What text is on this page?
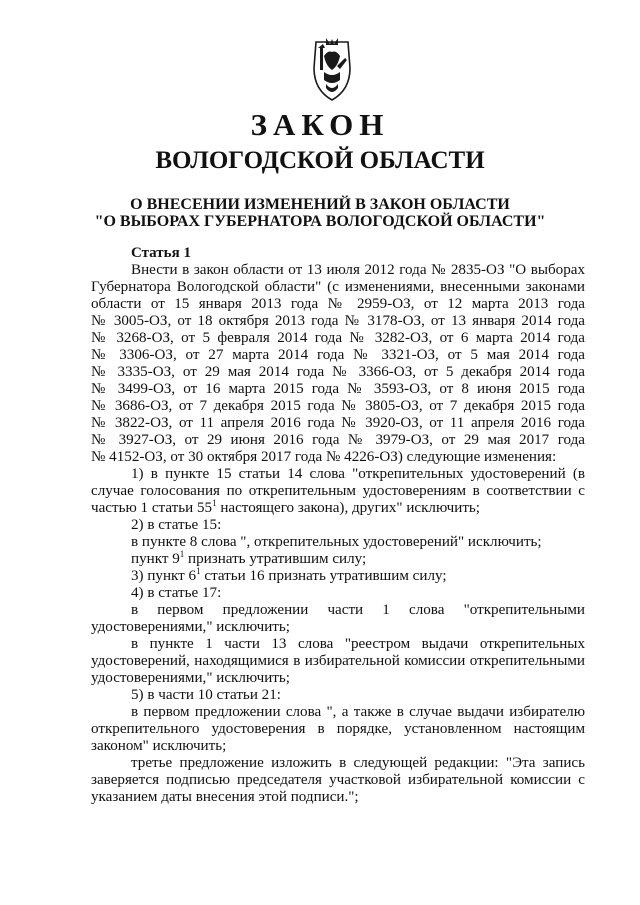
ЗАКОН
ВОЛОГОДСКОЙ ОБЛАСТИ
О ВНЕСЕНИИ ИЗМЕНЕНИЙ В ЗАКОН ОБЛАСТИ
"О ВЫБОРАХ ГУБЕРНАТОРА ВОЛОГОДСКОЙ ОБЛАСТИ"
Статья 1

Внести в закон области от 13 июля 2012 года № 2835-ОЗ "О выборах

Губернатора Вологодской области" (с изменениями, внесенными законами

области от 15 января 2013 года № 2959-ОЗ, от 12 марта 2013 года

№ 3005-ОЗ, от 18 октября 2013 года № 3178-ОЗ, от 13 января 2014 года

№ 3268-ОЗ, от 5 февраля 2014 года № 3282-ОЗ, от 6 марта 2014 года

№ 3306-ОЗ, от 27 марта 2014 года № 3321-ОЗ, от 5 мая 2014 года

№ 3335-ОЗ, от 29 мая 2014 года № 3366-ОЗ, от 5 декабря 2014 года

№ 3499-ОЗ, от 16 марта 2015 года № 3593-ОЗ, от 8 июня 2015 года

№ 3686-ОЗ, от 7 декабря 2015 года № 3805-ОЗ, от 7 декабря 2015 года

№ 3822-ОЗ, от 11 апреля 2016 года № 3920-ОЗ, от 11 апреля 2016 года

№ 3927-ОЗ, от 29 июня 2016 года № 3979-ОЗ, от 29 мая 2017 года

№ 4152-ОЗ, от 30 октября 2017 года № 4226-ОЗ) следующие изменения:

1) в пункте 15 статьи 14 слова "открепительных удостоверений (в случае голосования по открепительным удостоверениям в соответствии с частью 1 статьи $55^1$ настоящего закона), других" исключить;

2) в статье 15:

в пункте 8 слова ", открепительных удостоверений" исключить;

пункт $9^1$ признать утратившим силу;

3) пункт $6^1$ статьи 16 признать утратившим силу;

4) в статье 17:

в первом предложении части 1 слова "открепительными удостоверениями," исключить;

в пункте 1 части 13 слова "реестром выдачи открепительных удостоверений, находящимися в избирательной комиссии открепительными удостоверениями," исключить;

5) в части 10 статьи 21:

в первом предложении слова ", а также в случае выдачи избирателю открепительного удостоверения в порядке, установленном настоящим законом" исключить;

третье предложение изложить в следующей редакции: "Эта запись заверяется подписью председателя участковой избирательной комиссии с указанием даты внесения этой подписи.";
